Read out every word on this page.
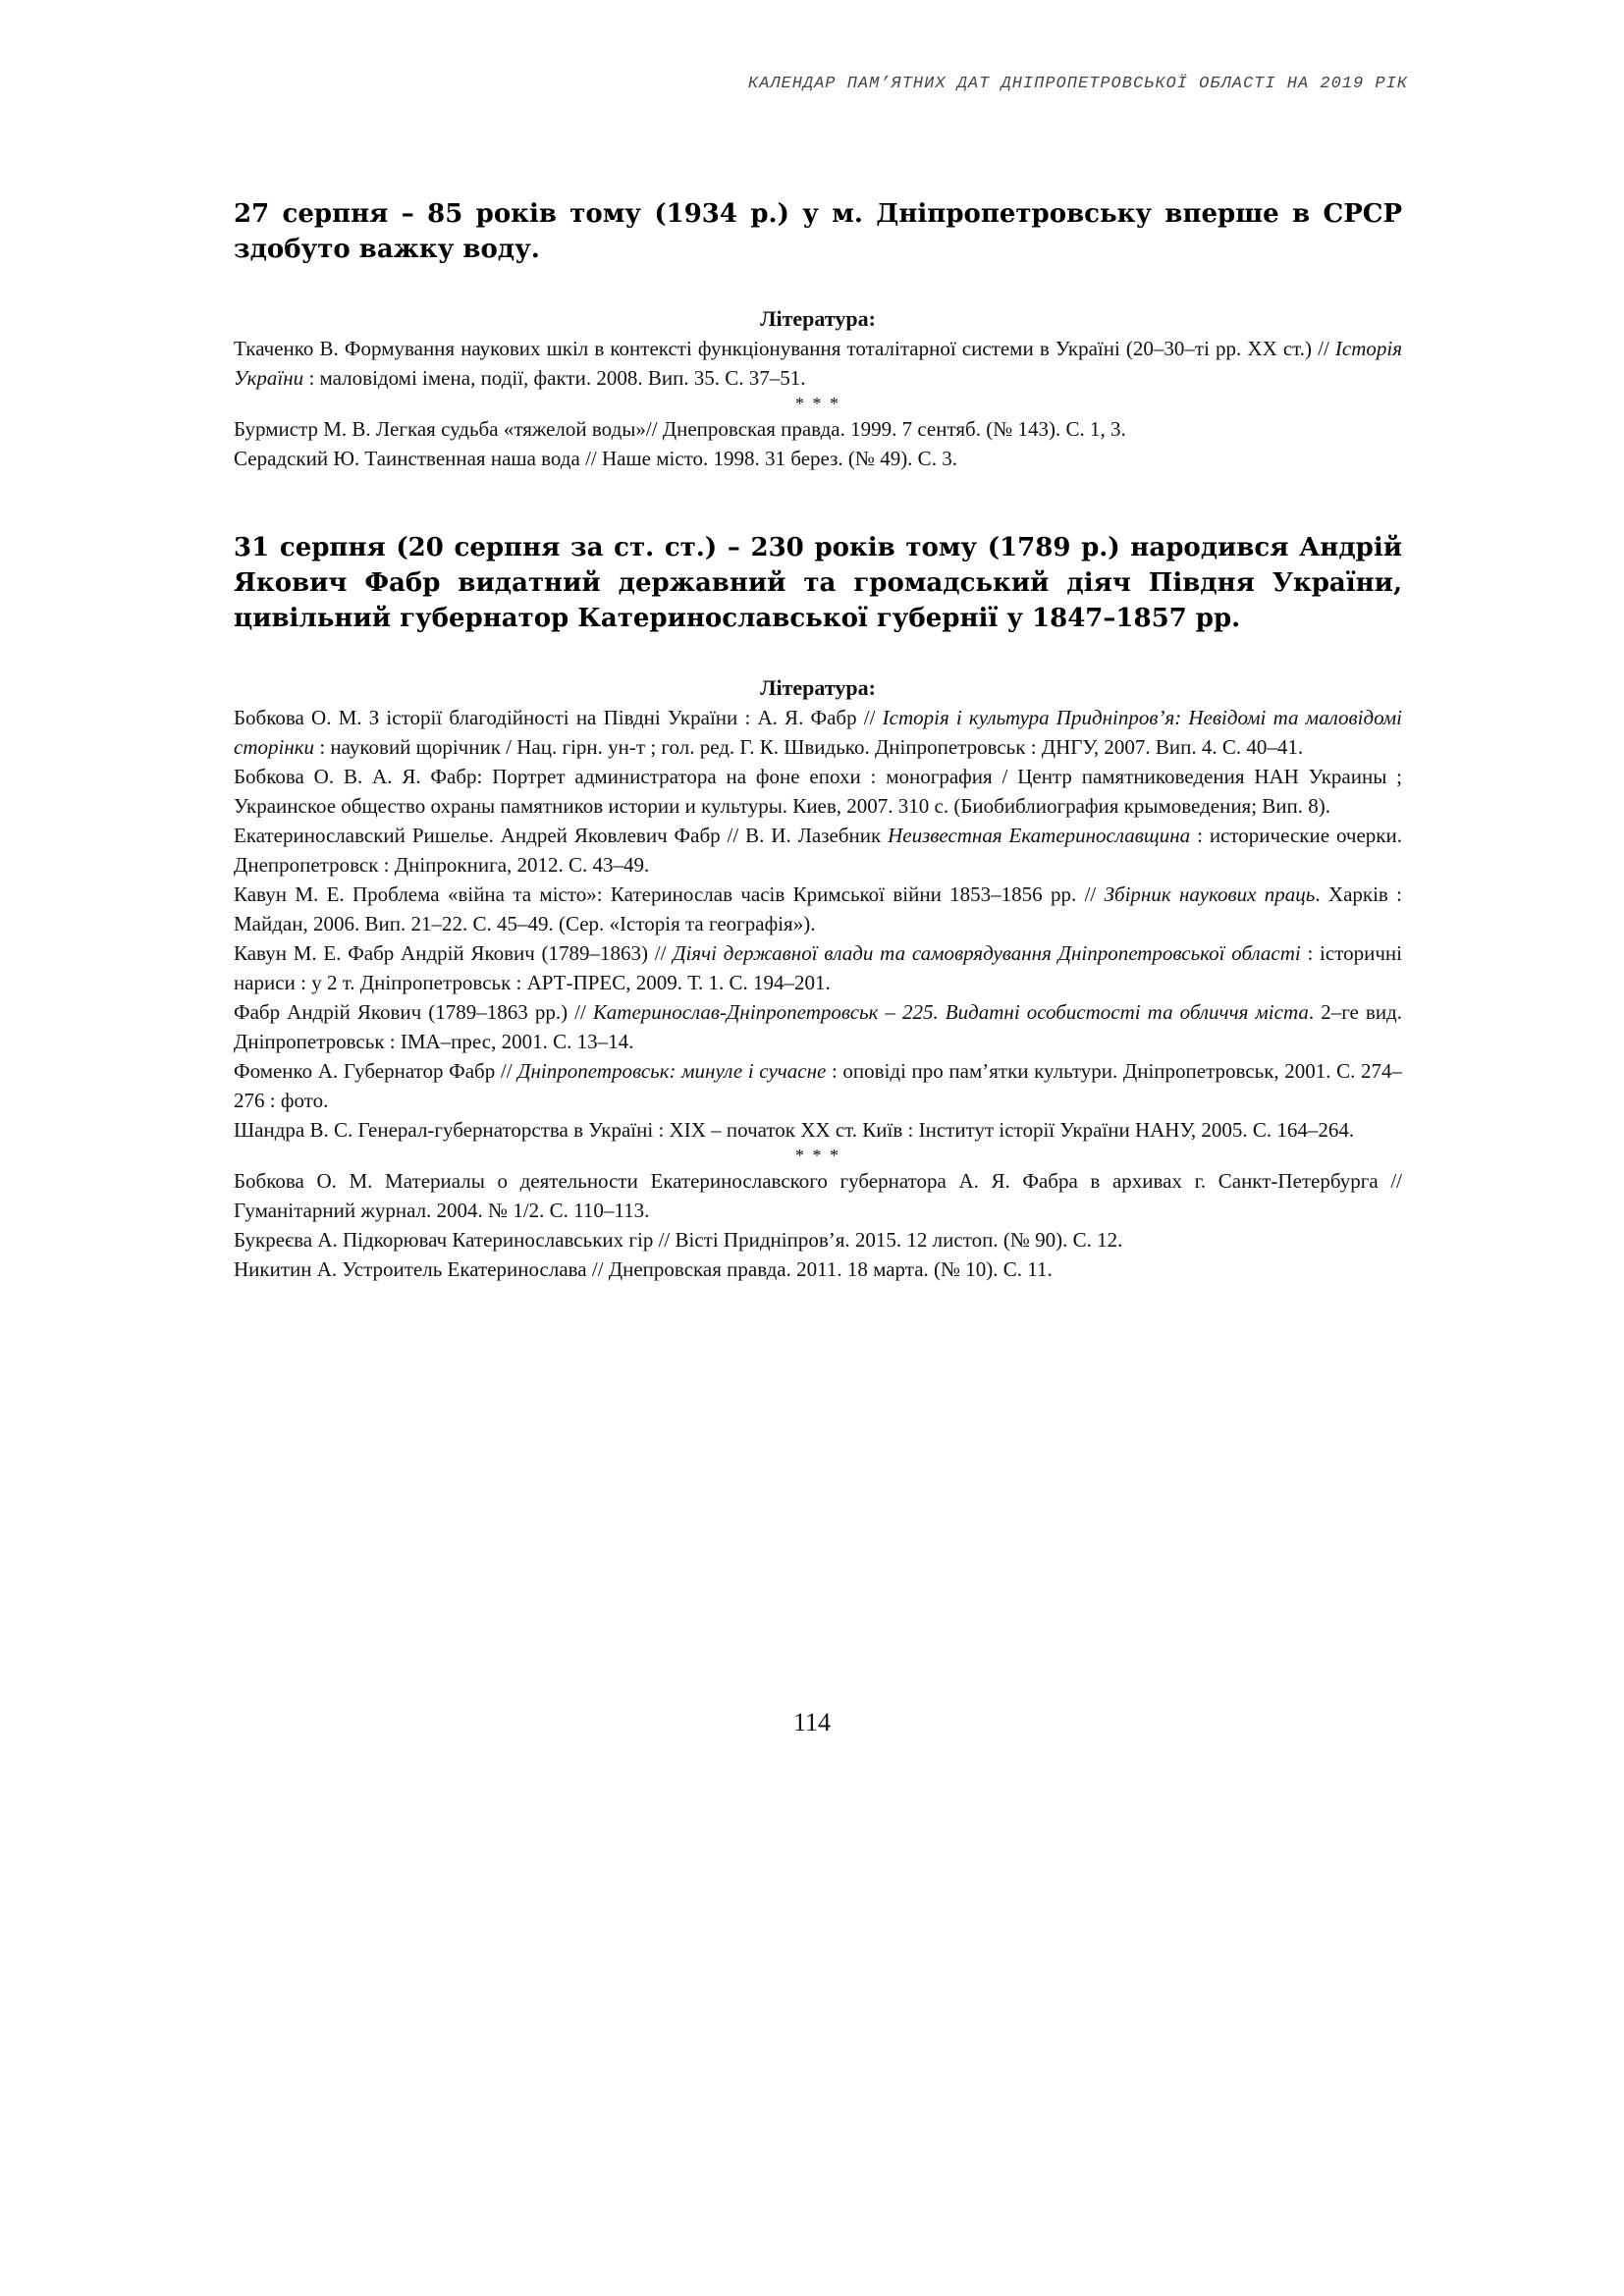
КАЛЕНДАР ПАМ’ЯТНИХ ДАТ ДНІПРОПЕТРОВСЬКОЇ ОБЛАСТІ НА 2019 РІК
27 серпня – 85 років тому (1934 р.) у м. Дніпропетровську вперше в СРСР здобуто важку воду.

Література:

Ткаченко В. Формування наукових шкіл в контексті функціонування тоталітарної системи в Україні (20–30–ті рр. ХХ ст.) // Історія України : маловідомі імена, події, факти. 2008. Вип. 35. С. 37–51.

* * *

Бурмистр М. В. Легкая судьба «тяжелой воды»// Днепровская правда. 1999. 7 сентяб. (№ 143). С. 1, 3.

Серадский Ю. Таинственная наша вода // Наше місто. 1998. 31 берез. (№ 49). С. 3.

31 серпня (20 серпня за ст. ст.) – 230 років тому (1789 р.) народився Андрій Якович Фабр видатний державний та громадський діяч Півдня України, цивільний губернатор Катеринославської губернії у 1847–1857 рр.

Література:

Бобкова О. М. З історії благодійності на Півдні України : А. Я. Фабр // Історія і культура Придніпров’я: Невідомі та маловідомі сторінки : науковий щорічник / Нац. гірн. ун-т ; гол. ред. Г. К. Швидько. Дніпропетровськ : ДНГУ, 2007. Вип. 4. С. 40–41.

Бобкова О. В. А. Я. Фабр: Портрет администратора на фоне епохи : монография / Центр памятниковедения НАН Украины ; Украинское общество охраны памятников истории и культуры. Киев, 2007. 310 с. (Биобиблиография крымоведения; Вип. 8).

Екатеринославский Ришелье. Андрей Яковлевич Фабр // В. И. Лазебник Неизвестная Екатеринославщина : исторические очерки. Днепропетровск : Дніпрокнига, 2012. С. 43–49.

Кавун М. Е. Проблема «війна та місто»: Катеринослав часів Кримської війни 1853–1856 рр. // Збірник наукових праць. Харків : Майдан, 2006. Вип. 21–22. С. 45–49. (Сер. «Історія та географія»).

Кавун М. Е. Фабр Андрій Якович (1789–1863) // Діячі державної влади та самоврядування Дніпропетровської області : історичні нариси : у 2 т. Дніпропетровськ : АРТ-ПРЕС, 2009. Т. 1. С. 194–201.

Фабр Андрій Якович (1789–1863 рр.) // Катеринослав-Дніпропетровськ – 225. Видатні особистості та обличчя міста. 2–ге вид. Дніпропетровськ : ІМА–прес, 2001. С. 13–14.

Фоменко А. Губернатор Фабр // Дніпропетровськ: минуле і сучасне : оповіді про пам’ятки культури. Дніпропетровськ, 2001. С. 274–276 : фото.

Шандра В. С. Генерал-губернаторства в Україні : XIX – початок XX ст. Київ : Інститут історії України НАНУ, 2005. С. 164–264.

* * *

Бобкова О. М. Материалы о деятельности Екатеринославского губернатора А. Я. Фабра в архивах г. Санкт-Петербурга // Гуманітарний журнал. 2004. № 1/2. С. 110–113.

Букреєва А. Підкорювач Катеринославських гір // Вісті Придніпров’я. 2015. 12 листоп. (№ 90). С. 12.

Никитин А. Устроитель Екатеринослава // Днепровская правда. 2011. 18 марта. (№ 10). С. 11.

114
